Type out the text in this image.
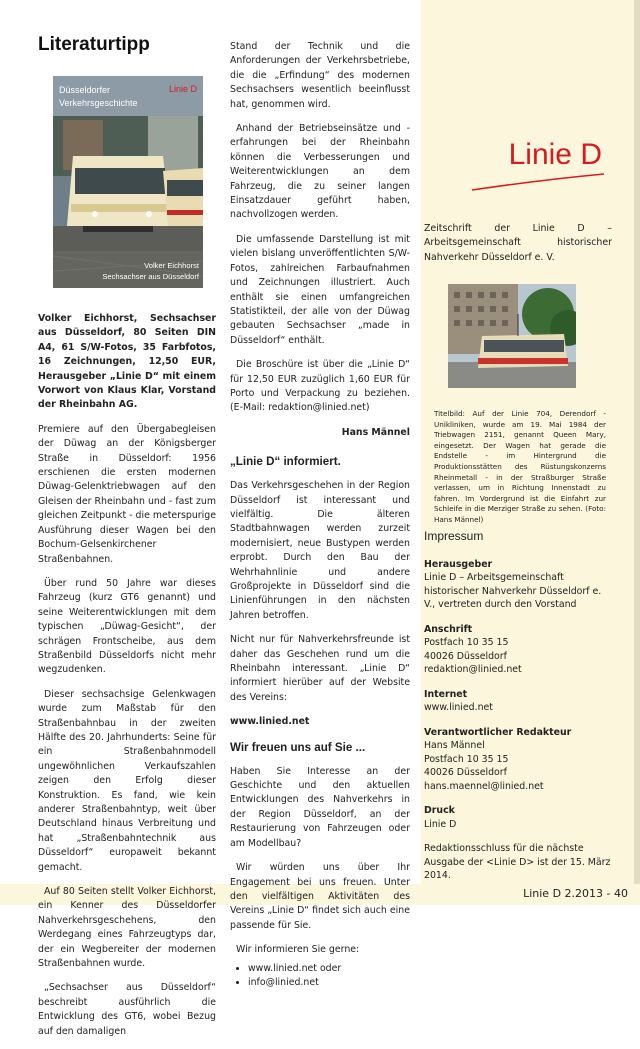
Literaturtipp
Düsseldorfer
Verkehrsgeschichte
Linie D
Volker Eichhorst
Sechsachser aus Düsseldorf

Volker Eichhorst, Sechsachser aus Düsseldorf, 80 Seiten DIN A4, 61 S/W-Fotos, 35 Farbfotos, 16 Zeichnungen, 12,50 EUR, Herausgeber „Linie D“ mit einem Vorwort von Klaus Klar, Vorstand der Rheinbahn AG.

Premiere auf den Übergabegleisen der Düwag an der Königsberger Straße in Düsseldorf: 1956 erschienen die ersten modernen Düwag-Gelenktriebwagen auf den Gleisen der Rheinbahn und - fast zum gleichen Zeitpunkt - die meterspurige Ausführung dieser Wagen bei den Bochum-Gelsenkirchener Straßenbahnen.

Über rund 50 Jahre war dieses Fahrzeug (kurz GT6 genannt) und seine Weiterentwicklungen mit dem typischen „Düwag-Gesicht“, der schrägen Frontscheibe, aus dem Straßenbild Düsseldorfs nicht mehr wegzudenken.

Dieser sechsachsige Gelenkwagen wurde zum Maßstab für den Straßenbahnbau in der zweiten Hälfte des 20. Jahrhunderts: Seine für ein Straßenbahnmodell ungewöhnlichen Verkaufszahlen zeigen den Erfolg dieser Konstruktion. Es fand, wie kein anderer Straßenbahntyp, weit über Deutschland hinaus Verbreitung und hat „Straßenbahntechnik aus Düsseldorf“ europaweit bekannt gemacht.

Auf 80 Seiten stellt Volker Eichhorst, ein Kenner des Düsseldorfer Nahverkehrsgeschehens, den Werdegang eines Fahrzeugtyps dar, der ein Wegbereiter der modernen Straßenbahnen wurde.

„Sechsachser aus Düsseldorf“ beschreibt ausführlich die Entwicklung des GT6, wobei Bezug auf den damaligen

Stand der Technik und die Anforderungen der Verkehrsbetriebe, die die „Erfindung“ des modernen Sechsachsers wesentlich beeinflusst hat, genommen wird.

Anhand der Betriebseinsätze und -erfahrungen bei der Rheinbahn können die Verbesserungen und Weiterentwicklungen an dem Fahrzeug, die zu seiner langen Einsatzdauer geführt haben, nachvollzogen werden.

Die umfassende Darstellung ist mit vielen bislang unveröffentlichten S/W-Fotos, zahlreichen Farbaufnahmen und Zeichnungen illustriert. Auch enthält sie einen umfangreichen Statistikteil, der alle von der Düwag gebauten Sechsachser „made in Düsseldorf“ enthält.

Die Broschüre ist über die „Linie D“ für 12,50 EUR zuzüglich 1,60 EUR für Porto und Verpackung zu beziehen. (E-Mail: redaktion@linied.net)

Hans Männel

„Linie D“ informiert.

Das Verkehrsgeschehen in der Region Düsseldorf ist interessant und vielfältig. Die älteren Stadtbahnwagen werden zurzeit modernisiert, neue Bustypen werden erprobt. Durch den Bau der Wehrhahnlinie und andere Großprojekte in Düsseldorf sind die Linienführungen in den nächsten Jahren betroffen.

Nicht nur für Nahverkehrsfreunde ist daher das Geschehen rund um die Rheinbahn interessant. „Linie D“ informiert hierüber auf der Website des Vereins:

www.linied.net

Wir freuen uns auf Sie ...

Haben Sie Interesse an der Geschichte und den aktuellen Entwicklungen des Nahverkehrs in der Region Düsseldorf, an der Restaurierung von Fahrzeugen oder am Modellbau?

Wir würden uns über Ihr Engagement bei uns freuen. Unter den vielfältigen Aktivitäten des Vereins „Linie D“ findet sich auch eine passende für Sie.

Wir informieren Sie gerne:

• www.linied.net oder
• info@linied.net
Linie D
Zeitschrift der Linie D – Arbeitsgemeinschaft historischer Nahverkehr Düsseldorf e. V.
Titelbild: Auf der Linie 704, Derendorf - Unikliniken, wurde am 19. Mai 1984 der Triebwagen 2151, genannt Queen Mary, eingesetzt. Der Wagen hat gerade die Endstelle - im Hintergrund die Produktionsstätten des Rüstungskonzerns Rheinmetall - in der Straßburger Straße verlassen, um in Richtung Innenstadt zu fahren. Im Vordergrund ist die Einfahrt zur Schleife in die Merziger Straße zu sehen. (Foto: Hans Männel)
Impressum
Herausgeber
Linie D – Arbeitsgemeinschaft historischer Nahverkehr Düsseldorf e. V., vertreten durch den Vorstand
Anschrift
Postfach 10 35 15
40026 Düsseldorf
redaktion@linied.net
Internet
www.linied.net
Verantwortlicher Redakteur
Hans Männel
Postfach 10 35 15
40026 Düsseldorf
hans.maennel@linied.net
Druck
Linie D
Redaktionsschluss für die nächste Ausgabe der <Linie D> ist der 15. März 2014.
Linie D 2.2013 - 40
